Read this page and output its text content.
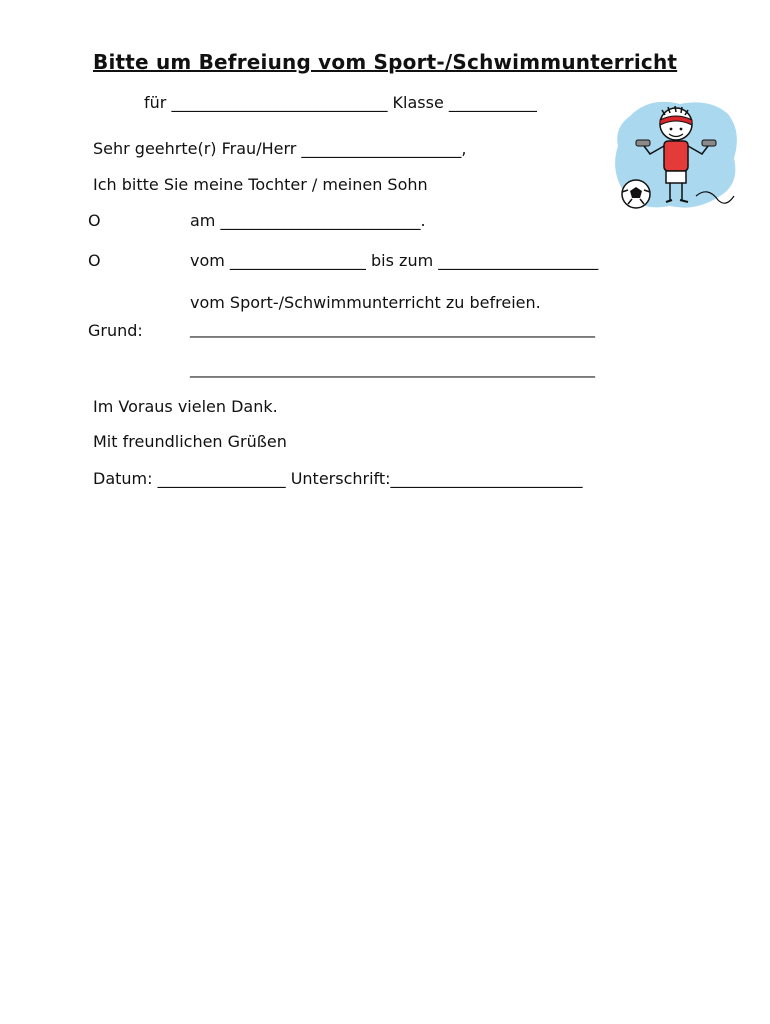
Bitte um Befreiung vom Sport-/Schwimmunterricht
für ___________________________ Klasse ___________
Sehr geehrte(r) Frau/Herr ____________________,
Ich bitte Sie meine Tochter / meinen Sohn
O	am _________________________.
O	vom _________________ bis zum ____________________
vom Sport-/Schwimmunterricht zu befreien.
Grund:	______________________________________________________
______________________________________________________
Im Voraus vielen Dank.
Mit freundlichen Grüßen
Datum: ________________ Unterschrift:________________________
